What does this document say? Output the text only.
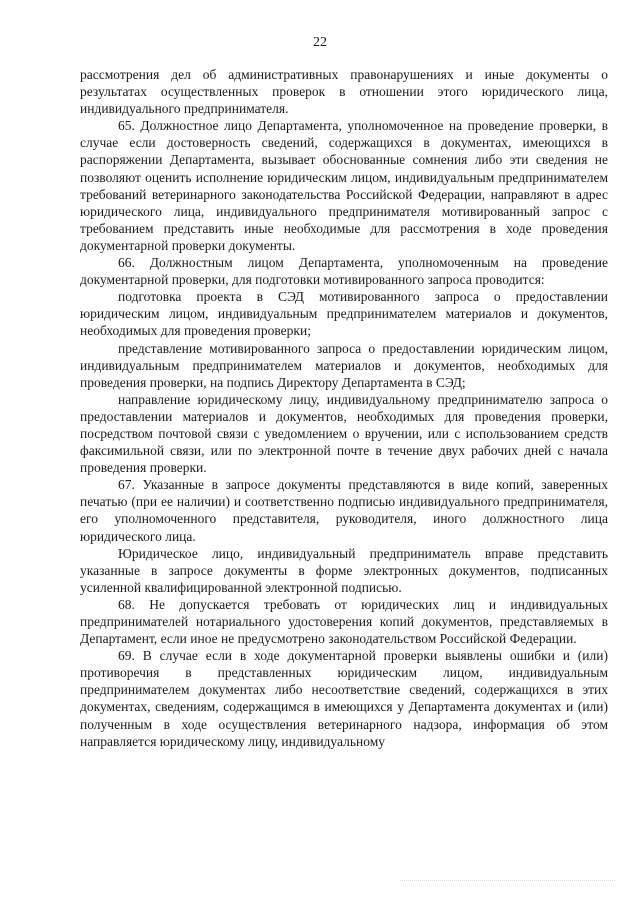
22

рассмотрения дел об административных правонарушениях и иные документы о результатах осуществленных проверок в отношении этого юридического лица, индивидуального предпринимателя.

65. Должностное лицо Департамента, уполномоченное на проведение проверки, в случае если достоверность сведений, содержащихся в документах, имеющихся в распоряжении Департамента, вызывает обоснованные сомнения либо эти сведения не позволяют оценить исполнение юридическим лицом, индивидуальным предпринимателем требований ветеринарного законодательства Российской Федерации, направляют в адрес юридического лица, индивидуального предпринимателя мотивированный запрос с требованием представить иные необходимые для рассмотрения в ходе проведения документарной проверки документы.

66. Должностным лицом Департамента, уполномоченным на проведение документарной проверки, для подготовки мотивированного запроса проводится:

подготовка проекта в СЭД мотивированного запроса о предоставлении юридическим лицом, индивидуальным предпринимателем материалов и документов, необходимых для проведения проверки;

представление мотивированного запроса о предоставлении юридическим лицом, индивидуальным предпринимателем материалов и документов, необходимых для проведения проверки, на подпись Директору Департамента в СЭД;

направление юридическому лицу, индивидуальному предпринимателю запроса о предоставлении материалов и документов, необходимых для проведения проверки, посредством почтовой связи с уведомлением о вручении, или с использованием средств факсимильной связи, или по электронной почте в течение двух рабочих дней с начала проведения проверки.

67. Указанные в запросе документы представляются в виде копий, заверенных печатью (при ее наличии) и соответственно подписью индивидуального предпринимателя, его уполномоченного представителя, руководителя, иного должностного лица юридического лица.

Юридическое лицо, индивидуальный предприниматель вправе представить указанные в запросе документы в форме электронных документов, подписанных усиленной квалифицированной электронной подписью.

68. Не допускается требовать от юридических лиц и индивидуальных предпринимателей нотариального удостоверения копий документов, представляемых в Департамент, если иное не предусмотрено законодательством Российской Федерации.

69. В случае если в ходе документарной проверки выявлены ошибки и (или) противоречия в представленных юридическим лицом, индивидуальным предпринимателем документах либо несоответствие сведений, содержащихся в этих документах, сведениям, содержащимся в имеющихся у Департамента документах и (или) полученным в ходе осуществления ветеринарного надзора, информация об этом направляется юридическому лицу, индивидуальному
